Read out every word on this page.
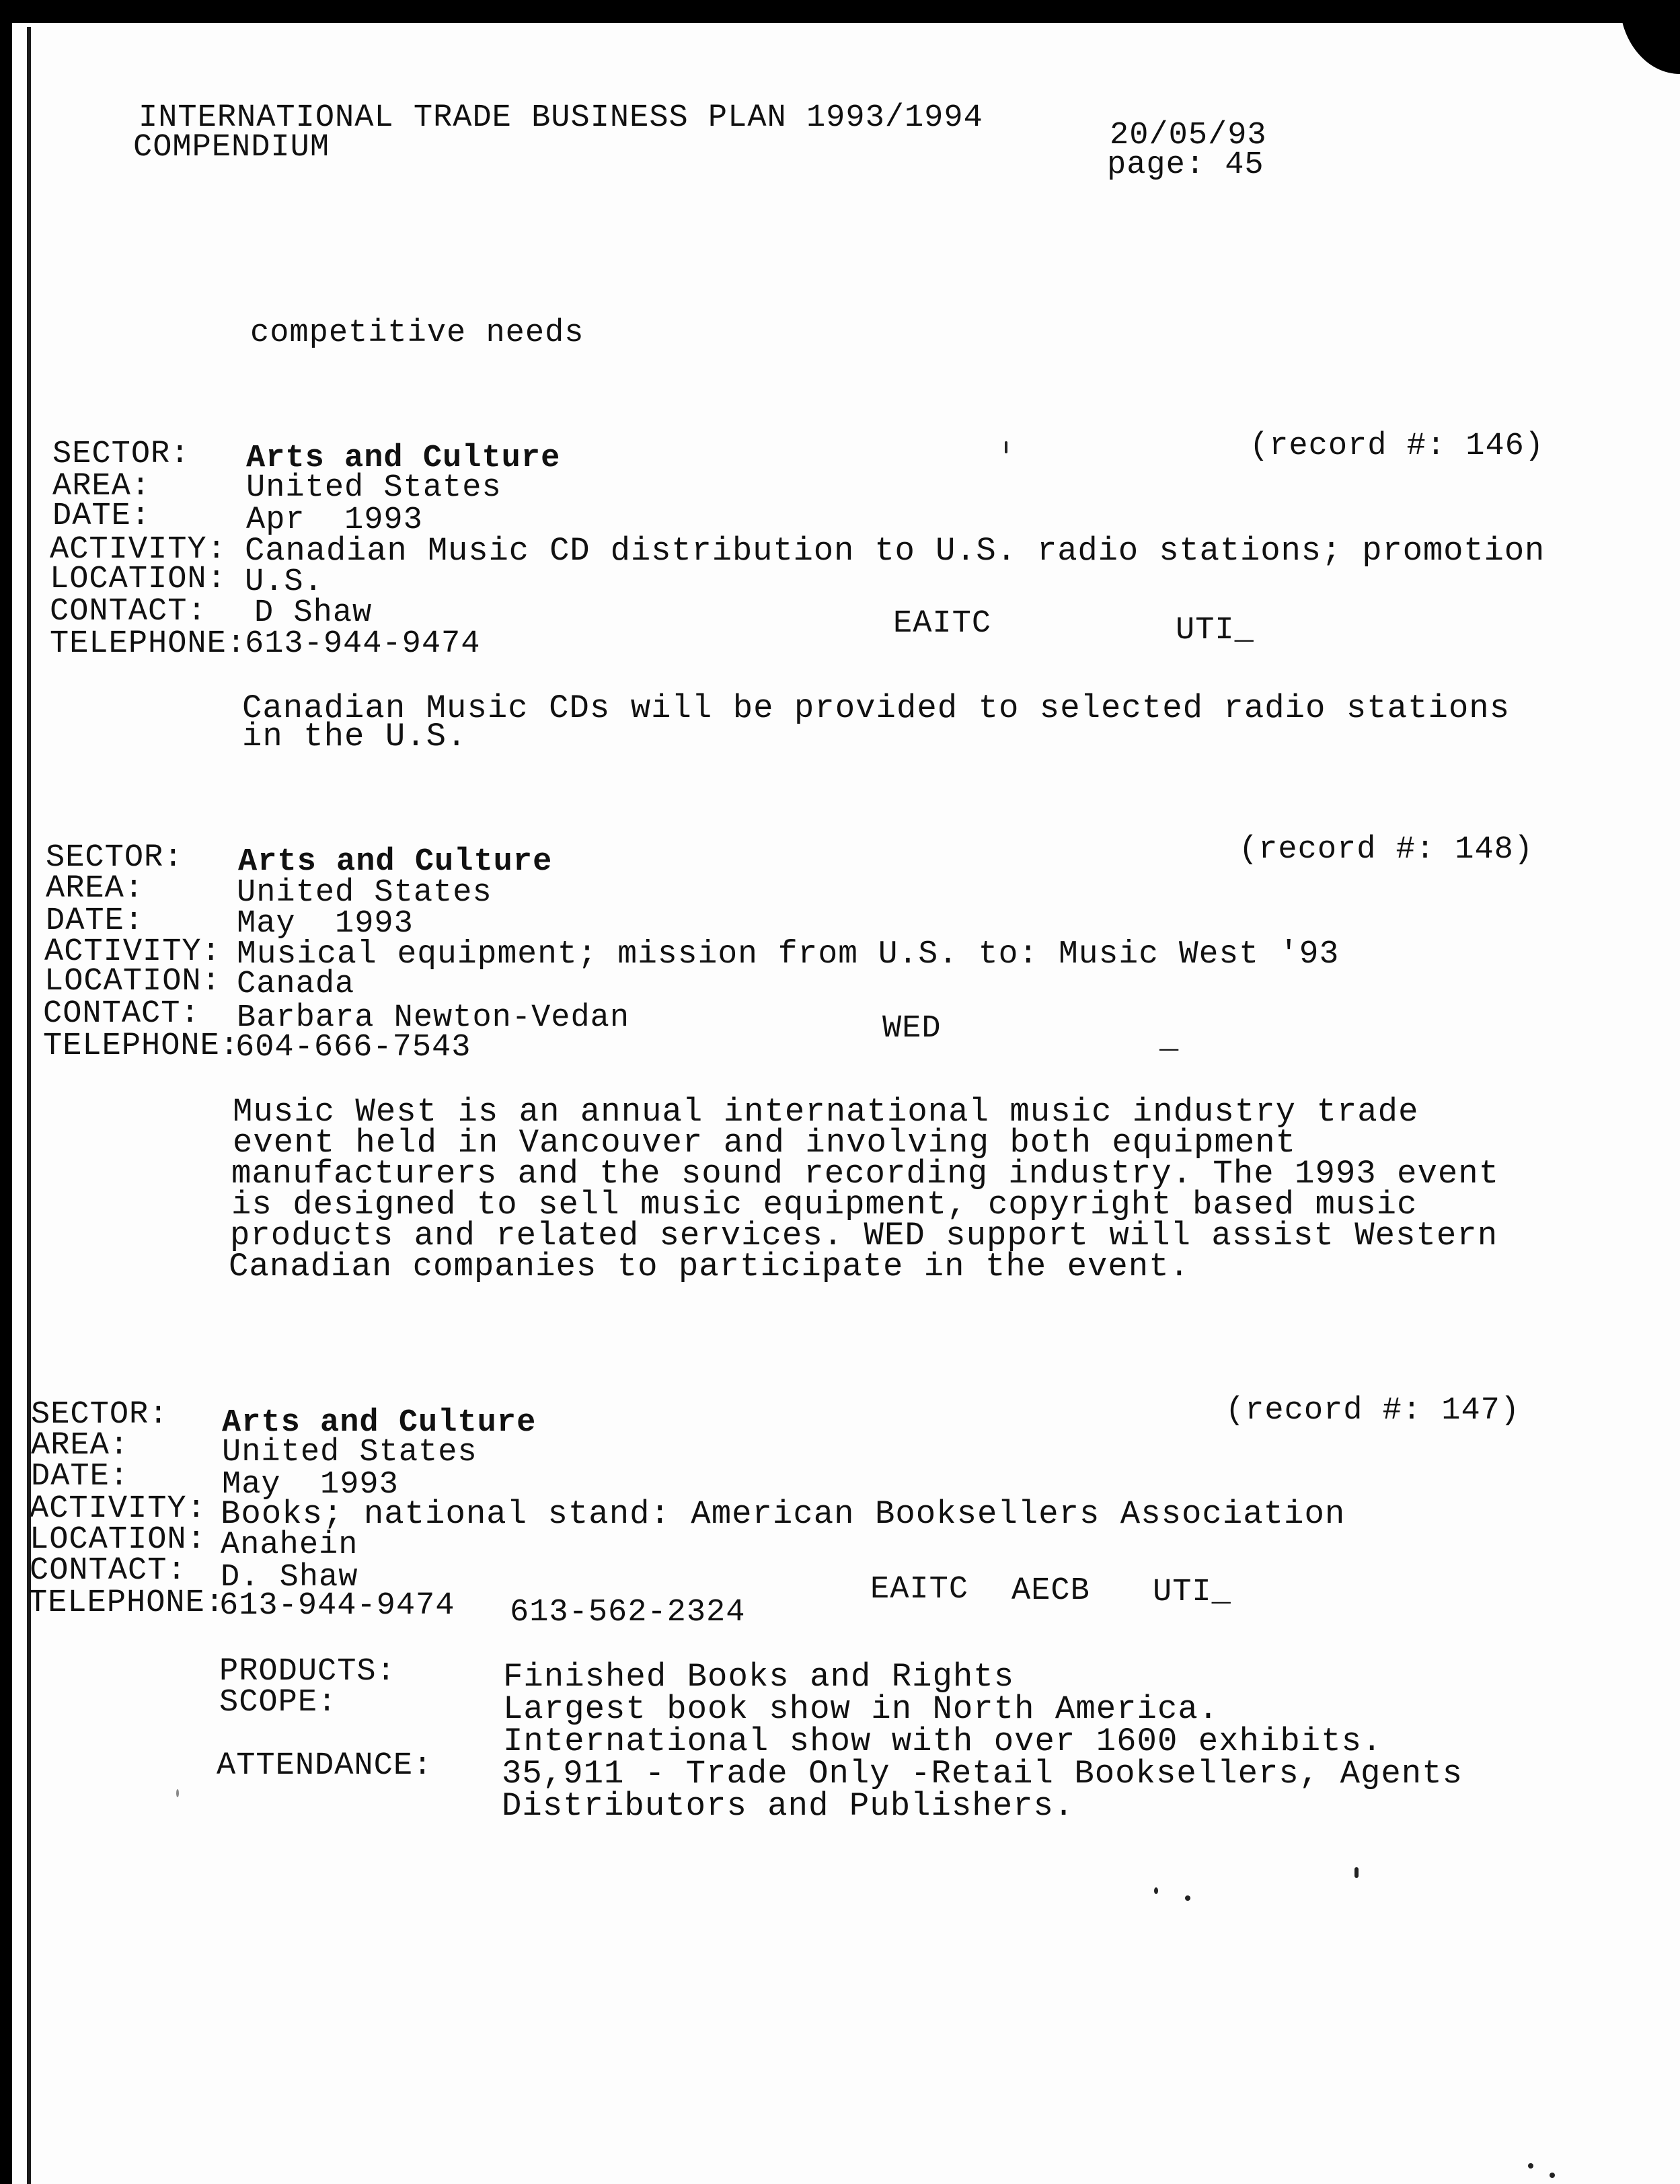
INTERNATIONAL TRADE BUSINESS PLAN 1993/1994
COMPENDIUM	20/05/93
page: 45
competitive needs
SECTOR: Arts and Culture	(record #: 146)
AREA:	United States
DATE:	Apr  1993
ACTIVITY: Canadian Music CD distribution to U.S. radio stations; promotion
LOCATION: U.S.
CONTACT: D Shaw
TELEPHONE:
613-944-9474
EAITC	UTI_
Canadian Music CDs will be provided to selected radio stations
in the U.S.
SECTOR: Arts and Culture	(record #: 148)
AREA:	United States
DATE:	May  1993
ACTIVITY: Musical equipment; mission from U.S. to: Music West '93
LOCATION: Canada
CONTACT: Barbara Newton-Vedan
TELEPHONE:
604-666-7543
WED	_
Music West is an annual international music industry trade
event held in Vancouver and involving both equipment
manufacturers and the sound recording industry. The 1993 event
is designed to sell music equipment, copyright based music
products and related services. WED support will assist Western
Canadian companies to participate in the event.
SECTOR: Arts and Culture	(record #: 147)
AREA:	United States
DATE:	May  1993
ACTIVITY: Books; national stand: American Booksellers Association
LOCATION: Anahein
CONTACT: D. Shaw
TELEPHONE:
613-944-9474 613-562-2324
EAITC AECB UTI_
PRODUCTS:	Finished Books and Rights
SCOPE:	Largest book show in North America.
International show with over 1600 exhibits.
ATTENDANCE: 35,911 - Trade Only -Retail Booksellers, Agents
Distributors and Publishers.
